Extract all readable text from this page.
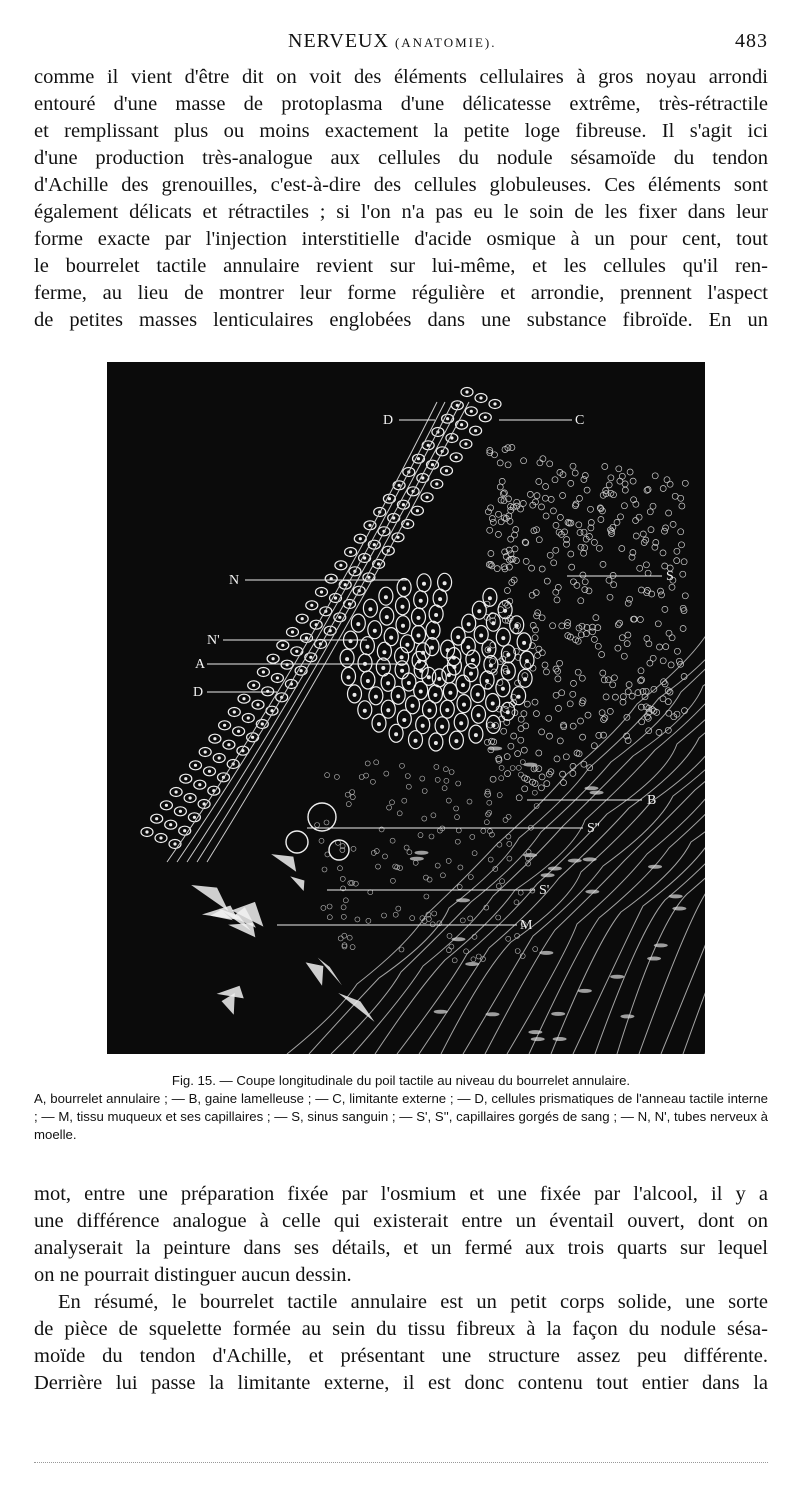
NERVEUX (ANATOMIE).	483

comme il vient d'être dit on voit des éléments cellulaires à gros noyau arrondi
entouré d'une masse de protoplasma d'une délicatesse extrême, très-rétractile
et remplissant plus ou moins exactement la petite loge fibreuse. Il s'agit ici
d'une production très-analogue aux cellules du nodule sésamoïde du tendon
d'Achille des grenouilles, c'est-à-dire des cellules globuleuses. Ces éléments sont
également délicats et rétractiles ; si l'on n'a pas eu le soin de les fixer dans leur
forme exacte par l'injection interstitielle d'acide osmique à un pour cent, tout
le bourrelet tactile annulaire revient sur lui-même, et les cellules qu'il ren-
ferme, au lieu de montrer leur forme régulière et arrondie, prennent l'aspect
de petites masses lenticulaires englobées dans une substance fibroïde. En un

D	C
N	S
N'
A
D
B
S''
S'
M
Fig. 15. — Coupe longitudinale du poil tactile au niveau du bourrelet annulaire.
A, bourrelet annulaire ; — B, gaine lamelleuse ; — C, limitante externe ; — D, cellules prismatiques de l'anneau tactile interne ; — M, tissu muqueux et ses capillaires ; — S, sinus sanguin ; — S', S'', capillaires gorgés de sang ; — N, N', tubes nerveux à moelle.

mot, entre une préparation fixée par l'osmium et une fixée par l'alcool, il y a
une différence analogue à celle qui existerait entre un éventail ouvert, dont on
analyserait la peinture dans ses détails, et un fermé aux trois quarts sur lequel
on ne pourrait distinguer aucun dessin.

En résumé, le bourrelet tactile annulaire est un petit corps solide, une sorte
de pièce de squelette formée au sein du tissu fibreux à la façon du nodule sésa-
moïde du tendon d'Achille, et présentant une structure assez peu différente.
Derrière lui passe la limitante externe, il est donc contenu tout entier dans la
